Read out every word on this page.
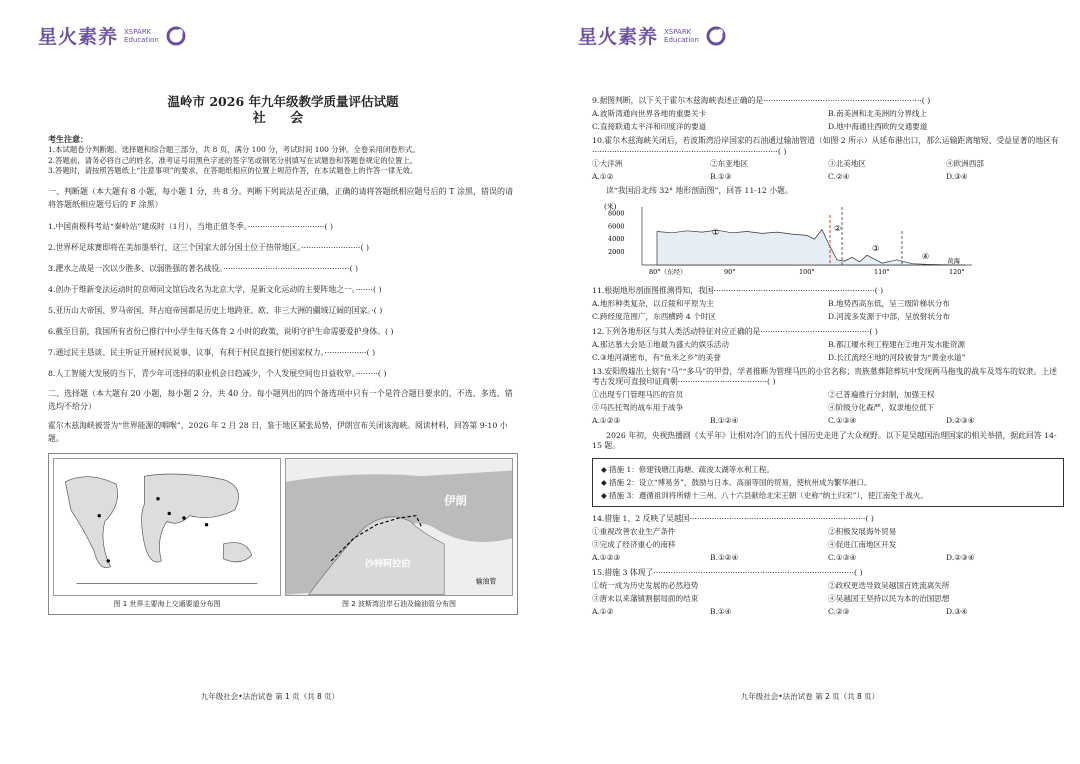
星火素养 XSPARK
Education
温岭市 2026 年九年级教学质量评估试题
社 会
考生注意：
1.本试题卷分判断题、选择题和综合题三部分，共 8 页，满分 100 分，考试时间 100 分钟。全卷采用闭卷形式。
2.答题前，请务必将自己的姓名、准考证号用黑色字迹的签字笔或钢笔分别填写在试题卷和答题卷规定的位置上。
3.答题时，请按照答题纸上“注意事项”的要求，在答题纸相应的位置上规范作答，在本试题卷上的作答一律无效。
一、判断题（本大题有 8 小题，每小题 1 分，共 8 分。判断下列说法是否正确，正确的请将答题纸相应题号后的 T 涂黑，错误的请将答题纸相应题号后的 F 涂黑）
1.中国南极科考站“秦岭站”建成时（1月），当地正值冬季。·······························( )
2.世界杯足球赛即将在美加墨举行，这三个国家大部分国土位于热带地区。························( )
3.淝水之战是一次以少胜多、以弱胜强的著名战役。···················································( )
4.创办于维新变法运动时的京师同文馆后改名为北京大学，是新文化运动的主要阵地之一。·······( )
5.亚历山大帝国、罗马帝国、拜占庭帝国都是历史上地跨亚、欧、非三大洲的疆域辽阔的国家。·( )
6.截至目前，我国所有省份已推行中小学生每天体育 2 小时的政策，说明守护生命需要爱护身体。( )
7.通过民主恳谈、民主听证开展村民说事、议事，有利于村民直接行使国家权力。·················( )
8.人工智能大发展的当下，青少年可选择的职业机会日趋减少，个人发展空间也日益收窄。·········( )
二、选择题（本大题有 20 小题，每小题 2 分，共 40 分。每小题列出的四个备选项中只有一个是符合题目要求的，不选、多选、错选均不给分）
霍尔木兹海峡被誉为“世界能源的咽喉”，2026 年 2 月 28 日，鉴于地区紧张局势，伊朗宣布关闭该海峡。阅读材料，回答第 9-10 小题。
图 1 世界主要海上交通要道分布图
伊朗
沙特阿拉伯
输油管
图 2 波斯湾沿岸石油及输油管分布图
九年级社会•法治试卷 第 1 页（共 8 页）
星火素养 XSPARK
Education
9.据图判断，以下关于霍尔木兹海峡表述正确的是································································( )
A.波斯湾通向世界各地的重要关卡	B.南美洲和北美洲的分界线上
C.直接联通太平洋和印度洋的要道	D.地中海通往西欧的交通要道
10.霍尔木兹海峡关闭后，若波斯湾沿岸国家的石油通过输油管道（如图 2 所示）从延布港出口，那么运输距离缩短、受益显著的地区有···········································································( )
①大洋洲	②东亚地区	③北美地区	④欧洲西部
A.①②	B.①③	C.②④	D.③④
读“我国沿北纬 32° 地形剖面图”，回答 11-12 小题。
(米)
8000
6000
4000
2000
80°（东经）	90°	100°	110°	120°
①	②
③
④	黄海
11.根据地形剖面图推测得知，我国·································································( )
A.地形种类复杂，以丘陵和平原为主	B.地势西高东低，呈三级阶梯状分布
C.跨经度范围广，东西横跨 4 个时区	D.河流多发源于中部，呈放射状分布
12.下列各地形区与其人类活动特征对应正确的是············································( )
A.那达慕大会是①地最为盛大的娱乐活动	B.都江堰水利工程建在②地开发水能资源
C.③地河湖密布，有“鱼米之乡”的美誉	D.长江流经④地的河段被誉为“黄金水道”
13.安阳殷墟出土刻有“马”“多马”的甲骨，学者推断为管理马匹的小官名称；贵族墓葬陪葬坑中发现两马拖曳的战车及驾车的奴隶。上述考古发现可直接印证商朝····································( )
①出现专门管理马匹的官员	②已普遍推行分封制，加强王权
③马匹托驾的战车用于战争	④阶级分化森严，奴隶地位低下
A.①②③	B.①②④	C.①③④	D.②③④
2026 年初，央视热播剧《太平年》让相对冷门的五代十国历史走进了大众视野。以下是吴越国治理国家的相关举措，据此回答 14-15 题。
◆ 措施 1：修建钱塘江海塘、疏浚太湖等水利工程。
◆ 措施 2：设立“博易务”，鼓励与日本、高丽等国的贸易，使杭州成为繁华港口。
◆ 措施 3：遵循祖训将所辖十三州、八十六县献给北宋王朝（史称“纳土归宋”），使江南免于战火。
14.措施 1、2 反映了吴越国·······································································( )
①重视改善农业生产条件	②积极发展海外贸易
③完成了经济重心的南移	④促进江南地区开发
A.①②③	B.①②④	C.①③④	D.②③④
15.措施 3 体现了·················································································( )
①统一成为历史发展的必然趋势	②政权更迭导致吴越国百姓流离失所
③唐末以来藩镇割据局面的结束	④吴越国王坚持以民为本的治国思想
A.①②	B.①④	C.②③	D.③④
九年级社会•法治试卷 第 2 页（共 8 页）
